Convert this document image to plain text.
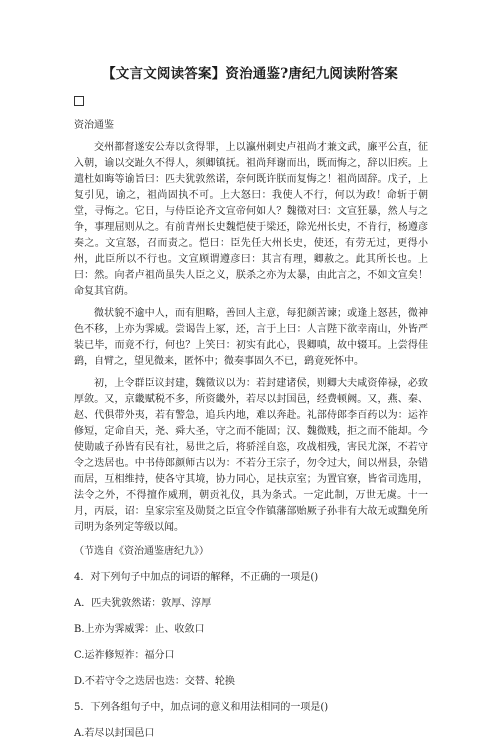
【文言文阅读答案】资治通鉴?唐纪九阅读附答案
资治通鉴
交州都督遂安公寿以贪得罪，上以瀛州刺史卢祖尚才兼文武，廉平公直，征入朝，谕以交趾久不得人，须卿镇抚。祖尚拜谢而出，既而悔之，辞以旧疾。上遣杜如晦等谕旨曰：匹夫犹敦然诺，奈何既许朕而复悔之！祖尚固辞。戊子，上复引见，谕之，祖尚固执不可。上大怒曰：我使人不行，何以为政！命斩于朝堂，寻悔之。它日，与侍臣论齐文宣帝何如人？魏徵对曰：文宣狂暴，然人与之争，事理屈则从之。有前青州长史魏恺使于梁还，除光州长史，不肯行，杨遵彦奏之。文宣怒，召而责之。恺曰：臣先任大州长史，使还，有劳无过，更得小州，此臣所以不行也。文宣顾谓遵彦曰：其言有理，卿赦之。此其所长也。上曰：然。向者卢祖尚虽失人臣之义，朕杀之亦为太暴，由此言之，不如文宣矣！命复其官荫。
微状貌不逾中人，而有胆略，善回人主意，每犯颜苦谏；或逢上怒甚，微神色不移，上亦为霁威。尝谒告上冢，还，言于上曰：人言陛下欲幸南山，外皆严装已毕，而竟不行，何也？上笑曰：初实有此心，畏卿嗔，故中辍耳。上尝得佳鹞，自臂之，望见微来，匿怀中；微奏事固久不已，鹞竟死怀中。
初，上令群臣议封建，魏徵议以为：若封建诸侯，则卿大夫咸资俸禄，必致厚敛。又，京畿赋税不多，所资畿外，若尽以封国邑，经费顿阙。又，燕、秦、赵、代俱带外夷，若有警急，追兵内地，难以奔赴。礼部侍郎李百药以为：运祚修短，定命自天，尧、舜大圣，守之而不能固；汉、魏微贱，拒之而不能却。今使勋戚子孙皆有民有社，易世之后，将骄淫自恣，攻战相残，害民尤深，不若守令之迭居也。中书侍郎颜师古以为：不若分王宗子，勿令过大，间以州县，杂错而居，互相维持，使各守其境，协力同心，足扶京室；为置官寮，皆省司选用，法令之外，不得擅作威刑，朝贡礼仪，具为条式。一定此制，万世无虞。十一月，丙辰，诏：皇家宗室及勋贤之臣宜令作镇藩部贻厥子孙非有大故无或黜免所司明为条列定等级以闻。
（节选自《资治通鉴唐纪九》）
4．对下列句子中加点的词语的解释，不正确的一项是()
A．匹夫犹敦然诺：敦厚、淳厚
B.上亦为霁威霁：止、收敛口
C.运祚修短祚：福分口
D.不若守令之迭居也迭：交替、轮换
5．下列各组句子中，加点词的意义和用法相同的一项是()
A.若尽以封国邑口
